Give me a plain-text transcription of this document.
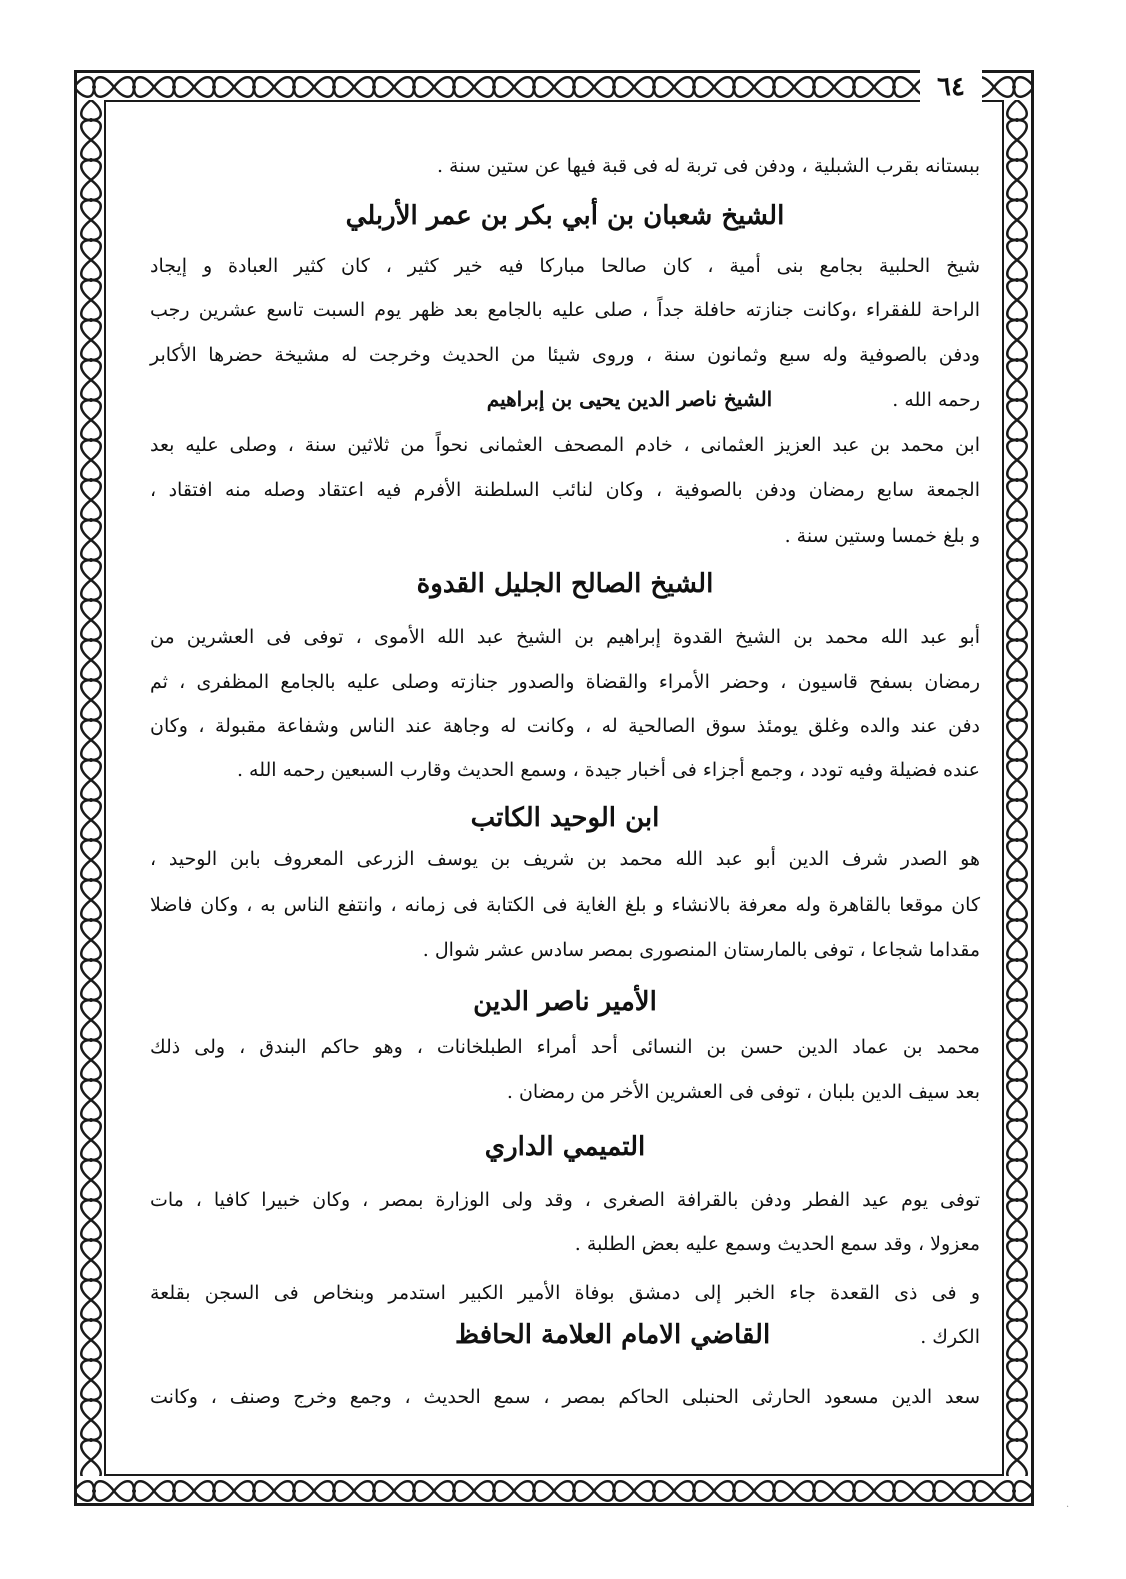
٦٤

ببستانه بقرب الشبلية ، ودفن فى تربة له فى قبة فيها عن ستين سنة .

الشيخ شعبان بن أبي بكر بن عمر الأربلي

شيخ الحلبية بجامع بنى أمية ، كان صالحا مباركا فيه خير كثير ، كان كثير العبادة و إيجاد

الراحة للفقراء ،وكانت جنازته حافلة جداً ، صلى عليه بالجامع بعد ظهر يوم السبت تاسع عشرين رجب

ودفن بالصوفية وله سبع وثمانون سنة ، وروى شيئا من الحديث وخرجت له مشيخة حضرها الأكابر

رحمه الله .
الشيخ ناصر الدين يحيى بن إبراهيم

ابن محمد بن عبد العزيز العثمانى ، خادم المصحف العثمانى نحواً من ثلاثين سنة ، وصلى عليه بعد

الجمعة سابع رمضان ودفن بالصوفية ، وكان لنائب السلطنة الأفرم فيه اعتقاد وصله منه افتقاد ،

و بلغ خمسا وستين سنة .

الشيخ الصالح الجليل القدوة

أبو عبد الله محمد بن الشيخ القدوة إبراهيم بن الشيخ عبد الله الأموى ، توفى فى العشرين من

رمضان بسفح قاسيون ، وحضر الأمراء والقضاة والصدور جنازته وصلى عليه بالجامع المظفرى ، ثم

دفن عند والده وغلق يومئذ سوق الصالحية له ، وكانت له وجاهة عند الناس وشفاعة مقبولة ، وكان

عنده فضيلة وفيه تودد ، وجمع أجزاء فى أخبار جيدة ، وسمع الحديث وقارب السبعين رحمه الله .

ابن الوحيد الكاتب

هو الصدر شرف الدين أبو عبد الله محمد بن شريف بن يوسف الزرعى المعروف بابن الوحيد ،

كان موقعا بالقاهرة وله معرفة بالانشاء و بلغ الغاية فى الكتابة فى زمانه ، وانتفع الناس به ، وكان فاضلا

مقداما شجاعا ، توفى بالمارستان المنصورى بمصر سادس عشر شوال .

الأمير ناصر الدين

محمد بن عماد الدين حسن بن النسائى أحد أمراء الطبلخانات ، وهو حاكم البندق ، ولى ذلك

بعد سيف الدين بلبان ، توفى فى العشرين الأخر من رمضان .

التميمي الداري

توفى يوم عيد الفطر ودفن بالقرافة الصغرى ، وقد ولى الوزارة بمصر ، وكان خبيرا كافيا ، مات

معزولا ، وقد سمع الحديث وسمع عليه بعض الطلبة .

و فى ذى القعدة جاء الخبر إلى دمشق بوفاة الأمير الكبير استدمر وبنخاص فى السجن بقلعة

الكرك .
القاضي الامام العلامة الحافظ

سعد الدين مسعود الحارثى الحنبلى الحاكم بمصر ، سمع الحديث ، وجمع وخرج وصنف ، وكانت

·
